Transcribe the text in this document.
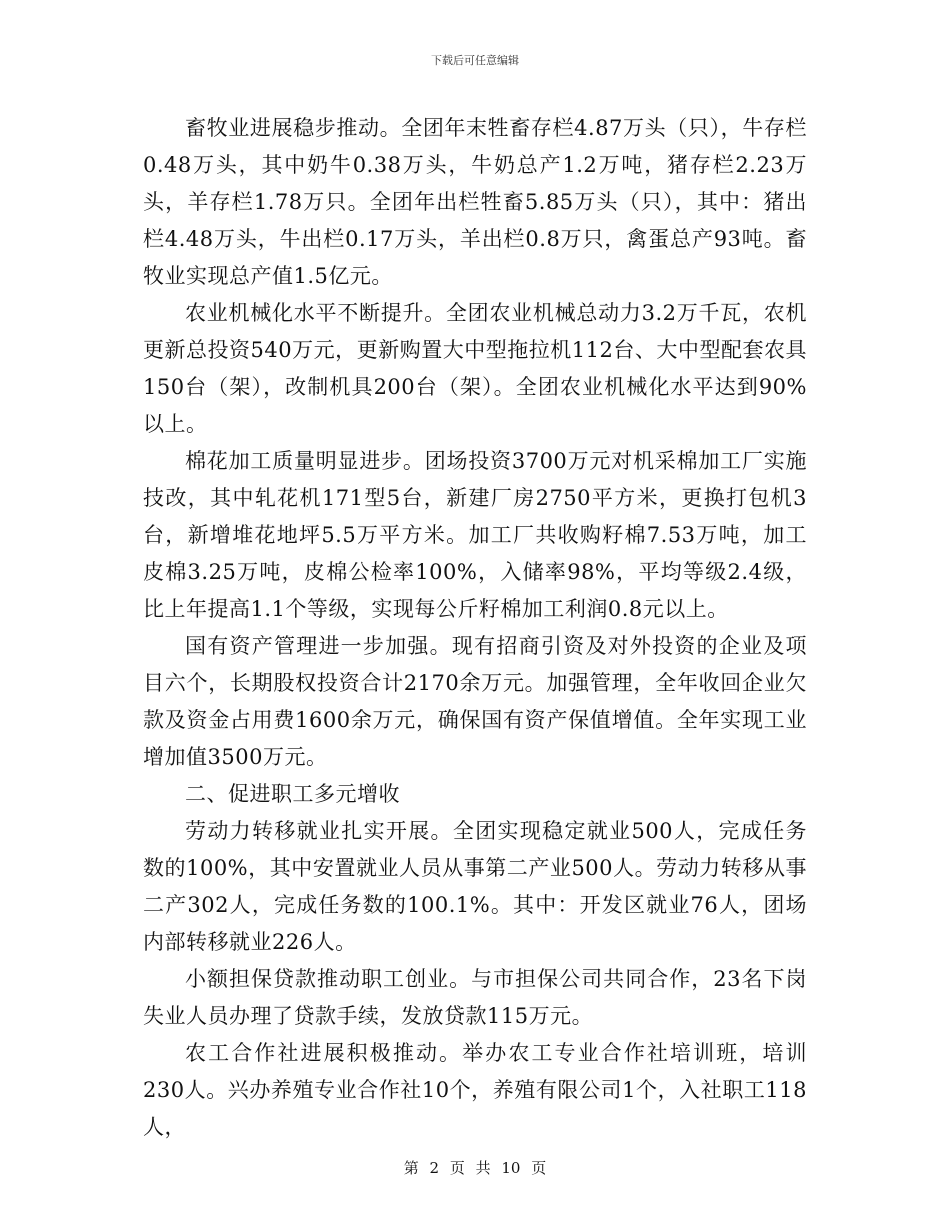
下载后可任意编辑

畜牧业进展稳步推动。全团年末牲畜存栏4.87万头（只），牛存栏0.48万头，其中奶牛0.38万头，牛奶总产1.2万吨，猪存栏2.23万头，羊存栏1.78万只。全团年出栏牲畜5.85万头（只），其中：猪出栏4.48万头，牛出栏0.17万头，羊出栏0.8万只，禽蛋总产93吨。畜牧业实现总产值1.5亿元。

农业机械化水平不断提升。全团农业机械总动力3.2万千瓦，农机更新总投资540万元，更新购置大中型拖拉机112台、大中型配套农具150台（架），改制机具200台（架）。全团农业机械化水平达到90%以上。

棉花加工质量明显进步。团场投资3700万元对机采棉加工厂实施技改，其中轧花机171型5台，新建厂房2750平方米，更换打包机3台，新增堆花地坪5.5万平方米。加工厂共收购籽棉7.53万吨，加工皮棉3.25万吨，皮棉公检率100%，入储率98%，平均等级2.4级，比上年提高1.1个等级，实现每公斤籽棉加工利润0.8元以上。

国有资产管理进一步加强。现有招商引资及对外投资的企业及项目六个，长期股权投资合计2170余万元。加强管理，全年收回企业欠款及资金占用费1600余万元，确保国有资产保值增值。全年实现工业增加值3500万元。

二、促进职工多元增收

劳动力转移就业扎实开展。全团实现稳定就业500人，完成任务数的100%，其中安置就业人员从事第二产业500人。劳动力转移从事二产302人，完成任务数的100.1%。其中：开发区就业76人，团场内部转移就业226人。

小额担保贷款推动职工创业。与市担保公司共同合作，23名下岗失业人员办理了贷款手续，发放贷款115万元。

农工合作社进展积极推动。举办农工专业合作社培训班，培训230人。兴办养殖专业合作社10个，养殖有限公司1个，入社职工118人，

第 2 页 共 10 页
